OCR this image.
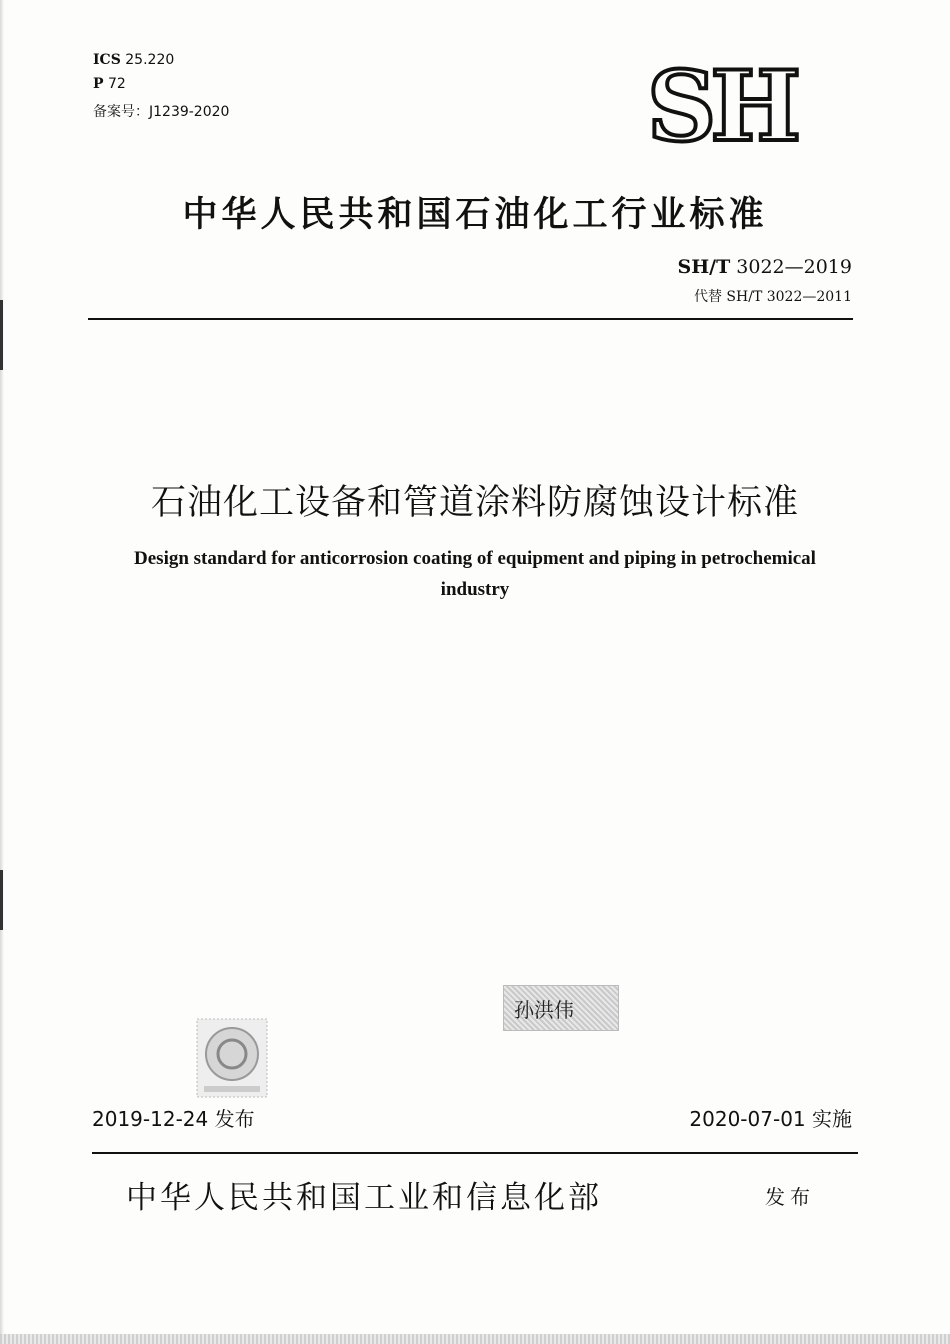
ICS 25.220
P 72
备案号：J1239-2020	SH
中华人民共和国石油化工行业标准
SH/T 3022—2019
代替 SH/T 3022—2011
石油化工设备和管道涂料防腐蚀设计标准
Design standard for anticorrosion coating of equipment and piping in petrochemical industry
孙洪伟
2019-12-24 发布	2020-07-01 实施
中华人民共和国工业和信息化部	发布
